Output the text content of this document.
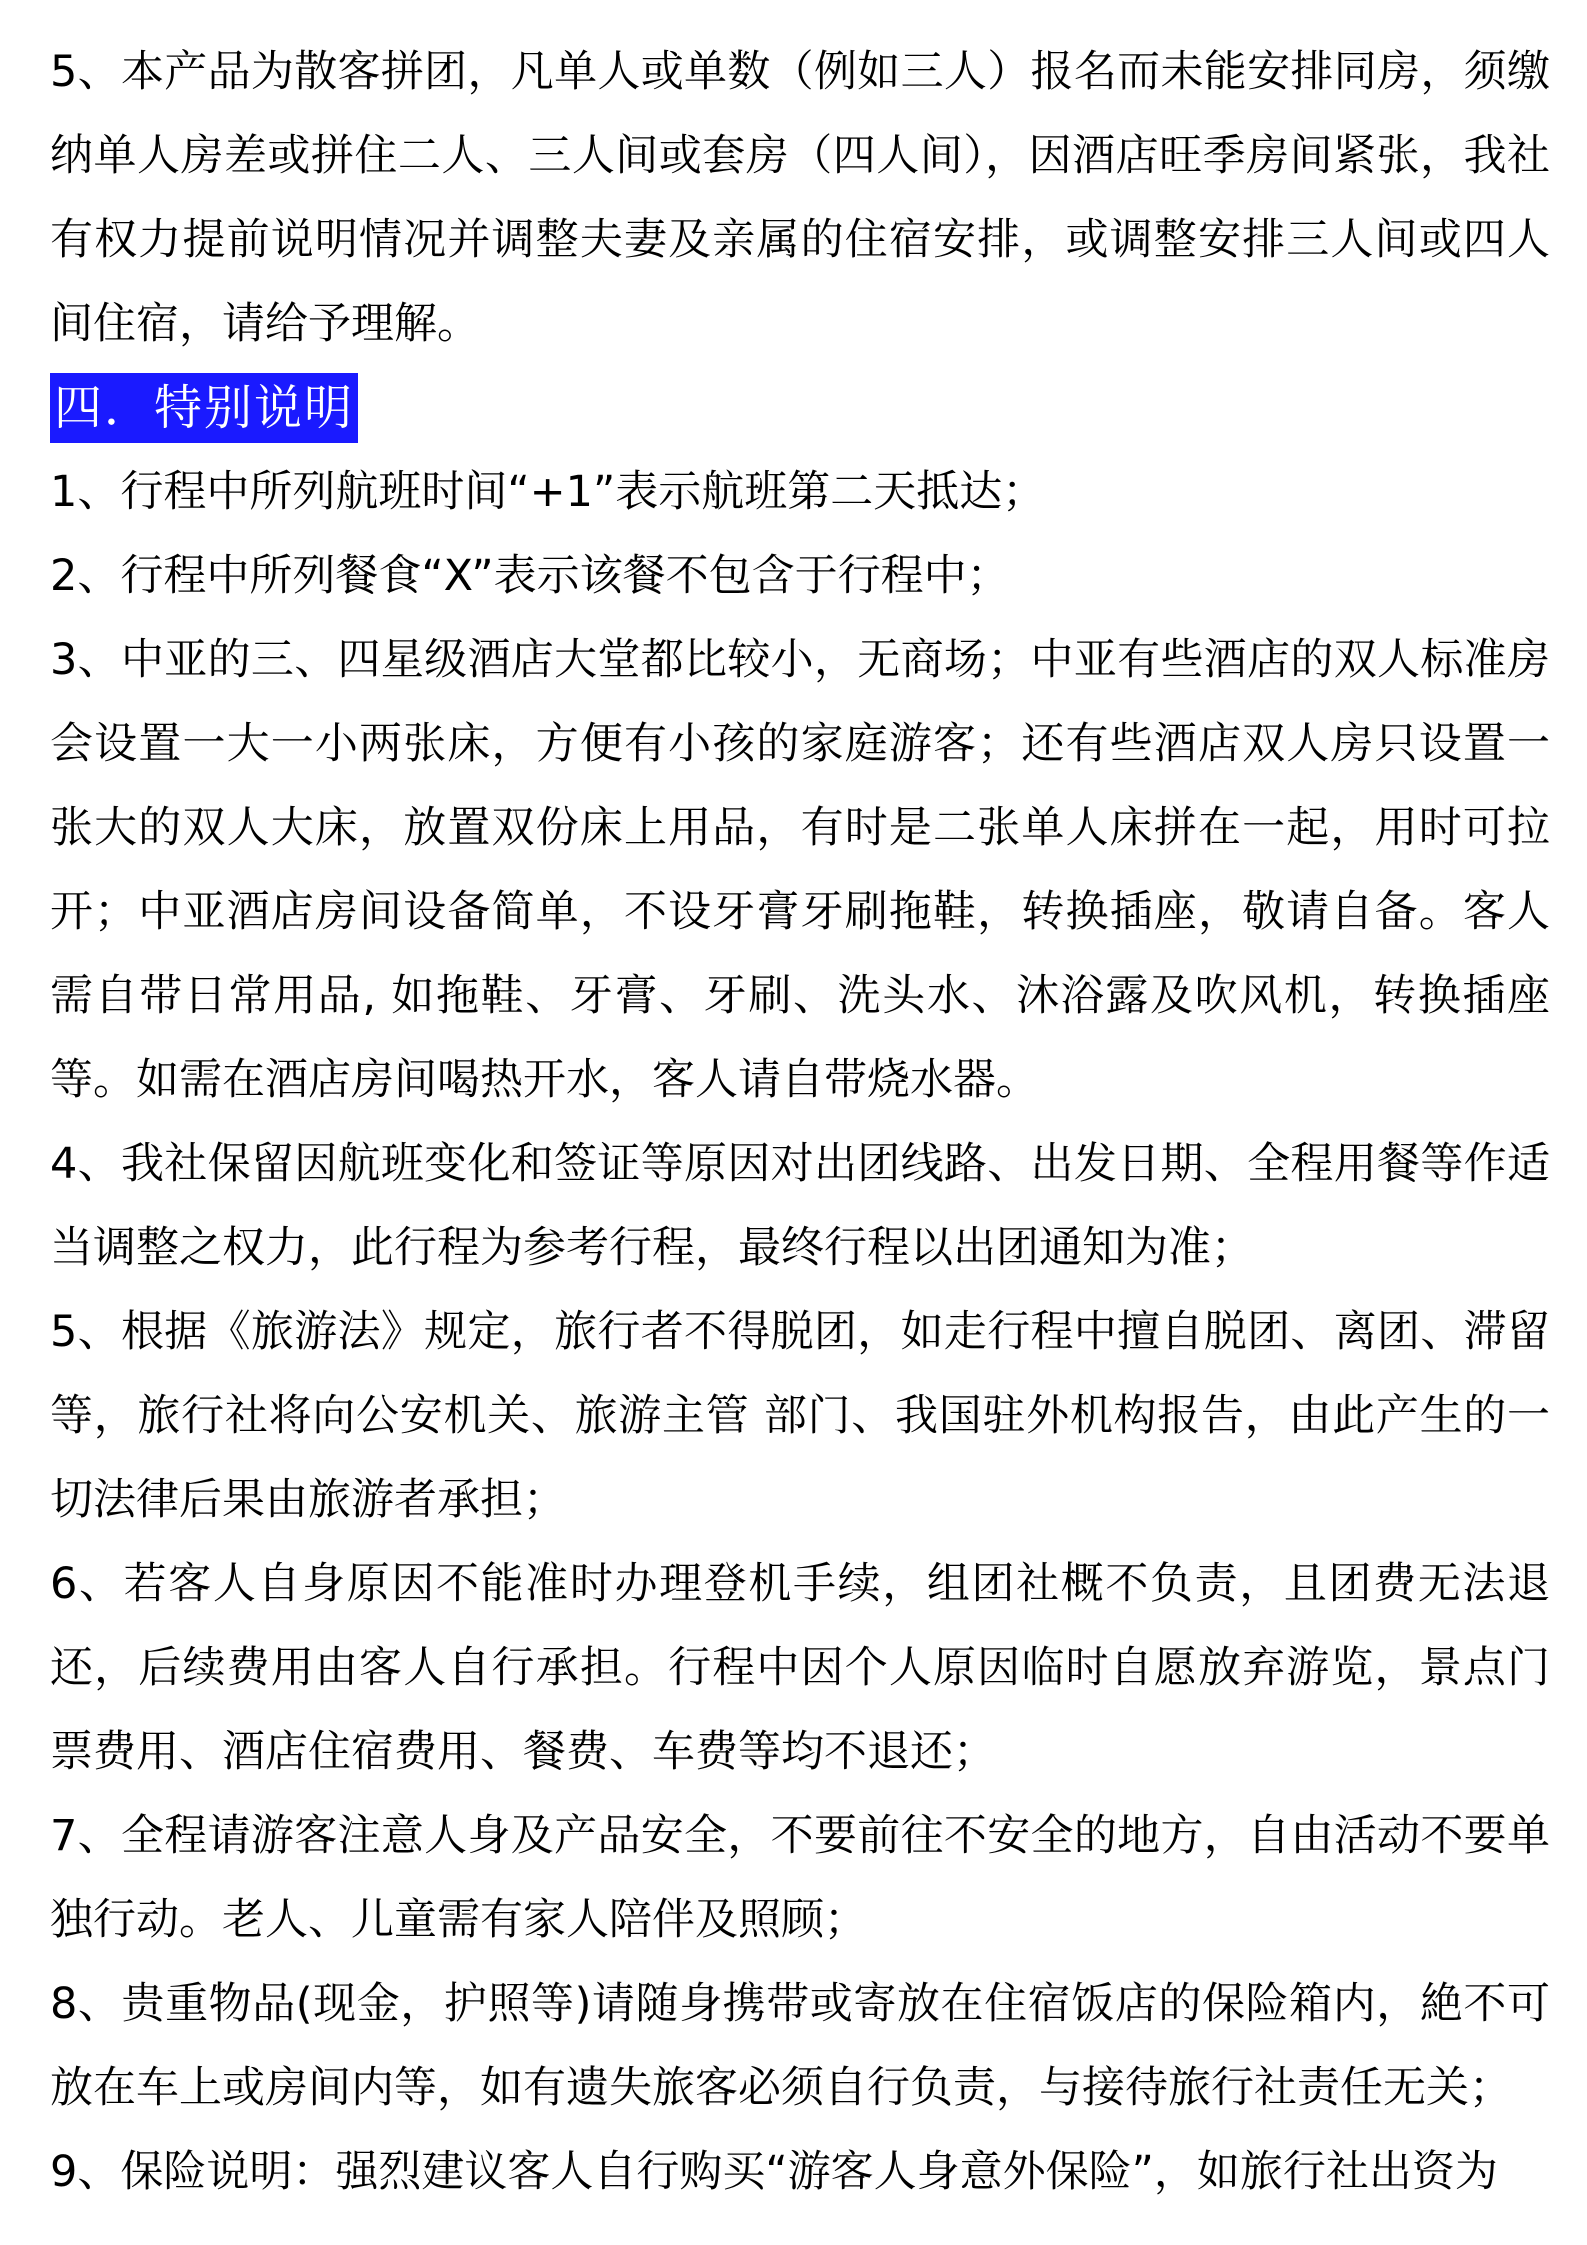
5、本产品为散客拼团，凡单人或单数（例如三人）报名而未能安排同房，须缴纳单人房差或拼住二人、三人间或套房（四人间），因酒店旺季房间紧张，我社有权力提前说明情况并调整夫妻及亲属的住宿安排，或调整安排三人间或四人间住宿，请给予理解。

四．特别说明

1、行程中所列航班时间“+1”表示航班第二天抵达；

2、行程中所列餐食“X”表示该餐不包含于行程中；

3、中亚的三、四星级酒店大堂都比较小，无商场；中亚有些酒店的双人标准房会设置一大一小两张床，方便有小孩的家庭游客；还有些酒店双人房只设置一张大的双人大床，放置双份床上用品，有时是二张单人床拼在一起，用时可拉开；中亚酒店房间设备简单，不设牙膏牙刷拖鞋，转换插座，敬请自备。客人需自带日常用品, 如拖鞋、牙膏、牙刷、洗头水、沐浴露及吹风机，转换插座等。如需在酒店房间喝热开水，客人请自带烧水器。

4、我社保留因航班变化和签证等原因对出团线路、出发日期、全程用餐等作适当调整之权力，此行程为参考行程，最终行程以出团通知为准；

5、根据《旅游法》规定，旅行者不得脱团，如走行程中擅自脱团、离团、滞留等，旅行社将向公安机关、旅游主管 部门、我国驻外机构报告，由此产生的一切法律后果由旅游者承担；

6、若客人自身原因不能准时办理登机手续，组团社概不负责，且团费无法退还，后续费用由客人自行承担。行程中因个人原因临时自愿放弃游览，景点门票费用、酒店住宿费用、餐费、车费等均不退还；

7、全程请游客注意人身及产品安全，不要前往不安全的地方，自由活动不要单独行动。老人、儿童需有家人陪伴及照顾；

8、贵重物品(现金，护照等)请随身携带或寄放在住宿饭店的保险箱内，絶不可放在车上或房间内等，如有遗失旅客必须自行负责，与接待旅行社责任无关；

9、保险说明：强烈建议客人自行购买“游客人身意外保险”，如旅行社出资为
